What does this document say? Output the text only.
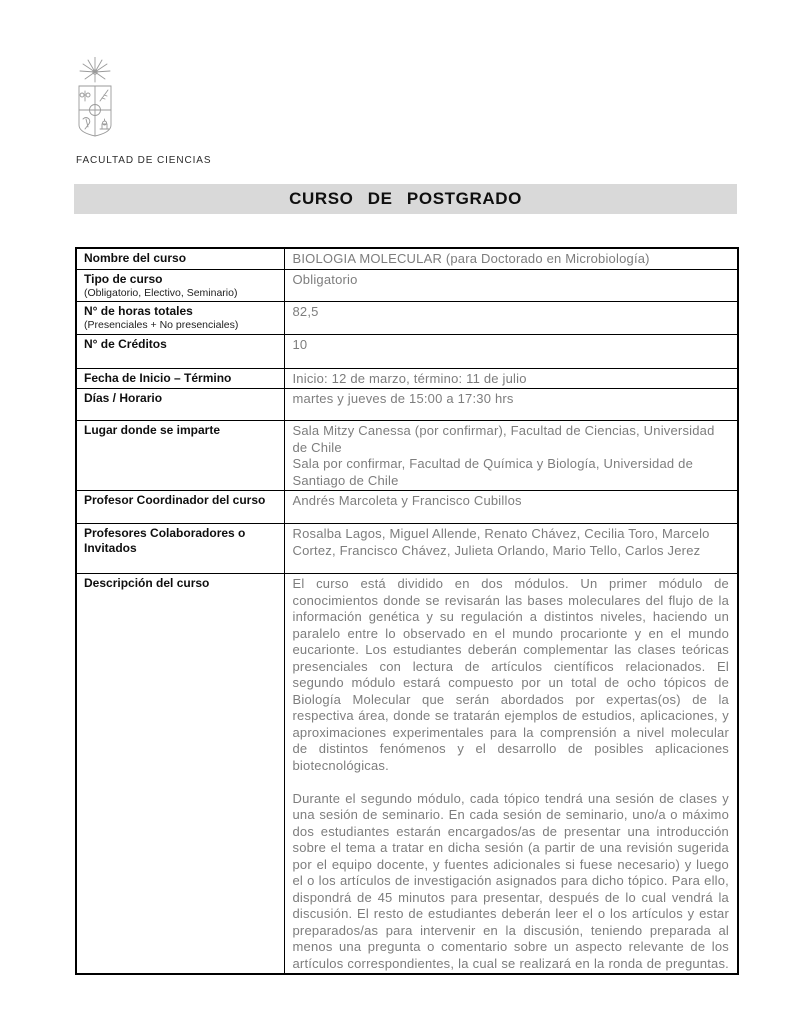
FACULTAD DE CIENCIAS
CURSO DE POSTGRADO
Nombre del curso	BIOLOGIA MOLECULAR (para Doctorado en Microbiología)

Tipo de curso
(Obligatorio, Electivo, Seminario)	Obligatorio

N° de horas totales
(Presenciales + No presenciales)	82,5

N° de Créditos	10

Fecha de Inicio – Término	Inicio: 12 de marzo, término: 11 de julio

Días / Horario	martes y jueves de 15:00 a 17:30 hrs

Lugar donde se imparte	Sala Mitzy Canessa (por confirmar), Facultad de Ciencias, Universidad de Chile
Sala por confirmar, Facultad de Química y Biología, Universidad de Santiago de Chile

Profesor Coordinador del curso	Andrés Marcoleta y Francisco Cubillos

Profesores Colaboradores o Invitados	Rosalba Lagos, Miguel Allende, Renato Chávez, Cecilia Toro, Marcelo Cortez, Francisco Chávez, Julieta Orlando, Mario Tello, Carlos Jerez

Descripción del curso	El curso está dividido en dos módulos. Un primer módulo de conocimientos donde se revisarán las bases moleculares del flujo de la información genética y su regulación a distintos niveles, haciendo un paralelo entre lo observado en el mundo procarionte y en el mundo eucarionte. Los estudiantes deberán complementar las clases teóricas presenciales con lectura de artículos científicos relacionados. El segundo módulo estará compuesto por un total de ocho tópicos de Biología Molecular que serán abordados por expertas(os) de la respectiva área, donde se tratarán ejemplos de estudios, aplicaciones, y aproximaciones experimentales para la comprensión a nivel molecular de distintos fenómenos y el desarrollo de posibles aplicaciones biotecnológicas.

Durante el segundo módulo, cada tópico tendrá una sesión de clases y una sesión de seminario. En cada sesión de seminario, uno/a o máximo dos estudiantes estarán encargados/as de presentar una introducción sobre el tema a tratar en dicha sesión (a partir de una revisión sugerida por el equipo docente, y fuentes adicionales si fuese necesario) y luego el o los artículos de investigación asignados para dicho tópico. Para ello, dispondrá de 45 minutos para presentar, después de lo cual vendrá la discusión. El resto de estudiantes deberán leer el o los artículos y estar preparados/as para intervenir en la discusión, teniendo preparada al menos una pregunta o comentario sobre un aspecto relevante de los artículos correspondientes, la cual se realizará en la ronda de preguntas.
